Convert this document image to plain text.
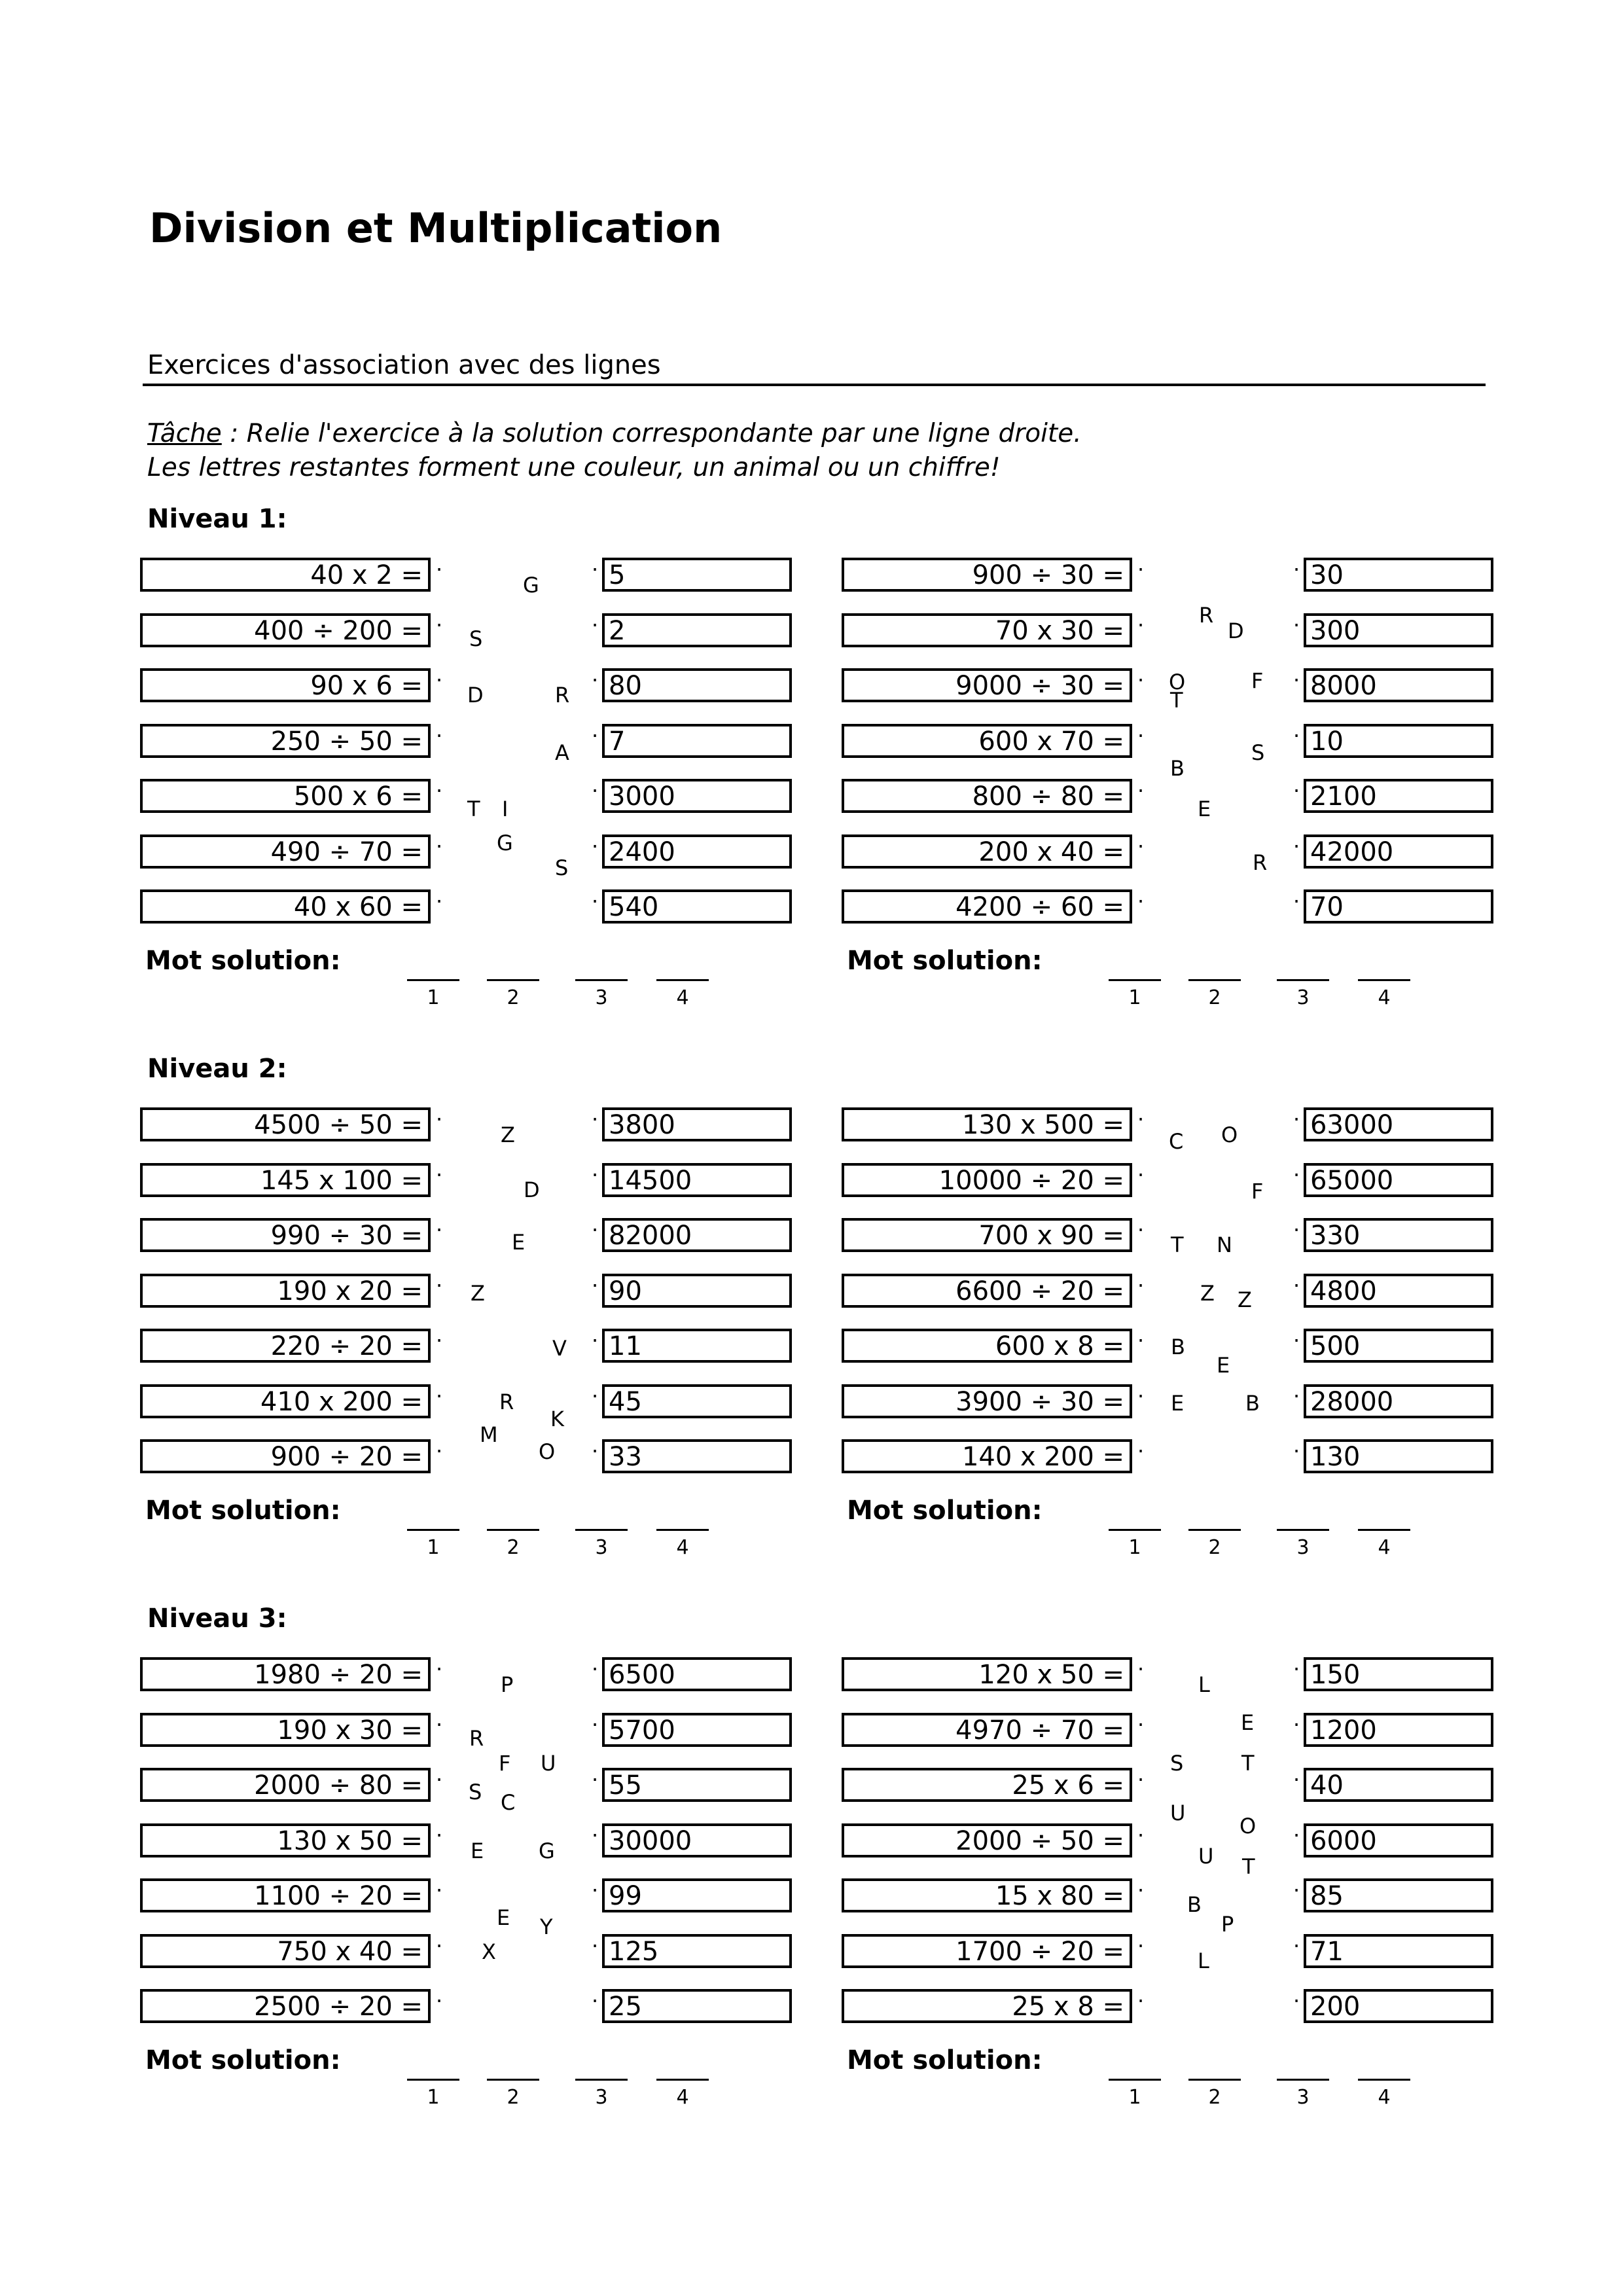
Division et Multiplication
Exercices d'association avec des lignes
Tâche : Relie l'exercice à la solution correspondante par une ligne droite.
Les lettres restantes forment une couleur, un animal ou un chiffre!
Niveau 1:
40 x 2 = ·	· 5
400 ÷ 200 = ·	· 2
90 x 6 = ·	· 80
250 ÷ 50 = ·	· 7
500 x 6 = ·	· 3000
490 ÷ 70 = ·	· 2400
40 x 60 = ·	· 540
G
S
D	R
A
T I
G
S
Mot solution:
1	2	3	4
900 ÷ 30 = ·	· 30
70 x 30 = ·	· 300
9000 ÷ 30 = ·	· 8000
600 x 70 = ·	· 10
800 ÷ 80 = ·	· 2100
200 x 40 = ·	· 42000
4200 ÷ 60 = ·	· 70
R
D
O	F
T
S
B
E
R
Mot solution:
1	2	3	4
Niveau 2:
4500 ÷ 50 = ·	· 3800
145 x 100 = ·	· 14500
990 ÷ 30 = ·	· 82000
190 x 20 = ·	· 90
220 ÷ 20 = ·	· 11
410 x 200 = ·	· 45
900 ÷ 20 = ·	· 33
Z
D
E
Z
V
R
K
M
O
Mot solution:
1	2	3	4
130 x 500 = ·	· 63000
10000 ÷ 20 = ·	· 65000
700 x 90 = ·	· 330
6600 ÷ 20 = ·	· 4800
600 x 8 = ·	· 500
3900 ÷ 30 = ·	· 28000
140 x 200 = ·	· 130
C O
F
T N
Z Z
B
E
E	B
Mot solution:
1	2	3	4
Niveau 3:
1980 ÷ 20 = ·	· 6500
190 x 30 = ·	· 5700
2000 ÷ 80 = ·	· 55
130 x 50 = ·	· 30000
1100 ÷ 20 = ·	· 99
750 x 40 = ·	· 125
2500 ÷ 20 = ·	· 25
P
R
F U
S C
E	G
E Y
X
Mot solution:
1	2	3	4
120 x 50 = ·	· 150
4970 ÷ 70 = ·	· 1200
25 x 6 = ·	· 40
2000 ÷ 50 = ·	· 6000
15 x 80 = ·	· 85
1700 ÷ 20 = ·	· 71
25 x 8 = ·	· 200
L
E
S	T
U
O
U T
B
P
L
Mot solution:
1	2	3	4
